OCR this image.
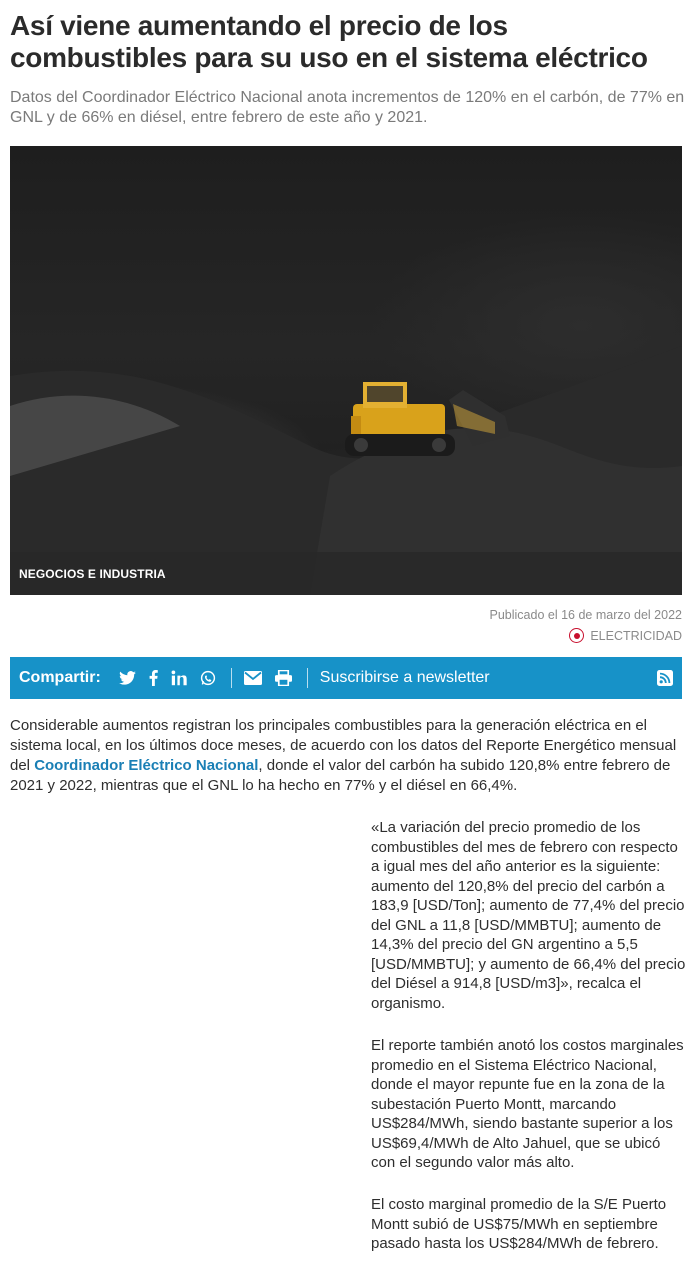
Así viene aumentando el precio de los combustibles para su uso en el sistema eléctrico

Datos del Coordinador Eléctrico Nacional anota incrementos de 120% en el carbón, de 77% en GNL y de 66% en diésel, entre febrero de este año y 2021.

NEGOCIOS E INDUSTRIA
Publicado el 16 de marzo del 2022
ELECTRICIDAD
Compartir:	Suscribirse a newsletter

Considerable aumentos registran los principales combustibles para la generación eléctrica en el sistema local, en los últimos doce meses, de acuerdo con los datos del Reporte Energético mensual del Coordinador Eléctrico Nacional, donde el valor del carbón ha subido 120,8% entre febrero de 2021 y 2022, mientras que el GNL lo ha hecho en 77% y el diésel en 66,4%.

«La variación del precio promedio de los combustibles del mes de febrero con respecto a igual mes del año anterior es la siguiente: aumento del 120,8% del precio del carbón a 183,9 [USD/Ton]; aumento de 77,4% del precio del GNL a 11,8 [USD/MMBTU]; aumento de 14,3% del precio del GN argentino a 5,5 [USD/MMBTU]; y aumento de 66,4% del precio del Diésel a 914,8 [USD/m3]», recalca el organismo.

El reporte también anotó los costos marginales promedio en el Sistema Eléctrico Nacional, donde el mayor repunte fue en la zona de la subestación Puerto Montt, marcando US$284/MWh, siendo bastante superior a los US$69,4/MWh de Alto Jahuel, que se ubicó con el segundo valor más alto.

El costo marginal promedio de la S/E Puerto Montt subió de US$75/MWh en septiembre pasado hasta los US$284/MWh de febrero.
